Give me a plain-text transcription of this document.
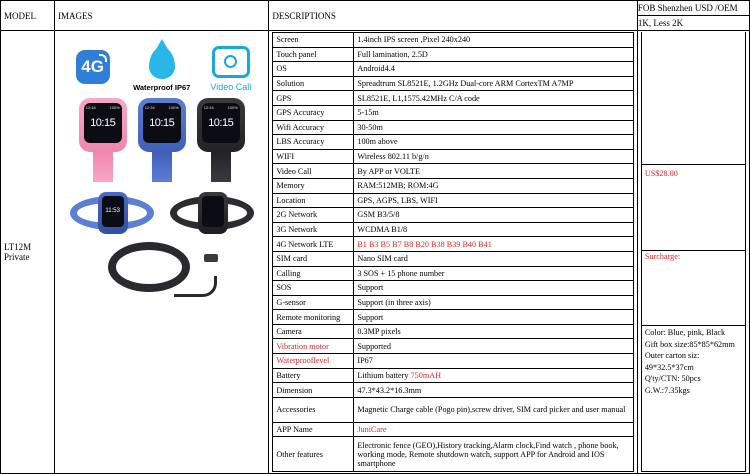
MODEL	IMAGES	DESCRIPTIONS	
FOB Shenzhen USD /OEM
1K, Less 2K

LT12M
Private

4G
Waterproof IP67	Video Call
12:34	100%
10:15
12:34	100%
10:15
12:34	100%
10:15
11:53

Screen	1.4inch IPS screen ,Pixel 240x240
Touch panel	Full lamination, 2.5D
OS	Android4.4
Solution	Spreadtrum SL8521E, 1.2GHz Dual-core ARM CortexTM A7MP
GPS	SL8521E, L1,1575.42MHz C/A code
GPS Accuracy	5-15m
Wifi Accuracy	30-50m
LBS Accuracy	100m above
WIFI	Wireless 802.11 b/g/n
Video Call	By APP or VOLTE
Memory	RAM:512MB; ROM:4G
Location	GPS, AGPS, LBS, WIFI
2G Network	GSM B3/5/8
3G Network	WCDMA B1/8
4G Network LTE	B1 B3 B5 B7 B8 B20 B38 B39 B40 B41
SIM card	Nano SIM card
Calling	3 SOS + 15 phone number
SOS	Support
G-sensor	Support (in three axis)
Remote monitoring	Support
Camera	0.3MP pixels
Vibration motor	Supported
Waterprooflevel	IP67
Battery	Lithium battery 750mAH
Dimension	47.3*43.2*16.3mm
Accessories	Magnetic Charge cable (Pogo pin),screw driver, SIM card picker and user manual
APP Name	JuniCare
Other features	Electronic fence (GEO),History tracking,Alarm clock,Find watch , phone book, working mode, Remote shutdown watch, support APP for Android and IOS smartphone

US$28.00
Surcharge:

Color: Blue, pink, Black
Gift box size:85*85*62mm
Outer carton siz: 49*32.5*37cm
Q'ty/CTN: 50pcs
G.W.:7.35kgs
